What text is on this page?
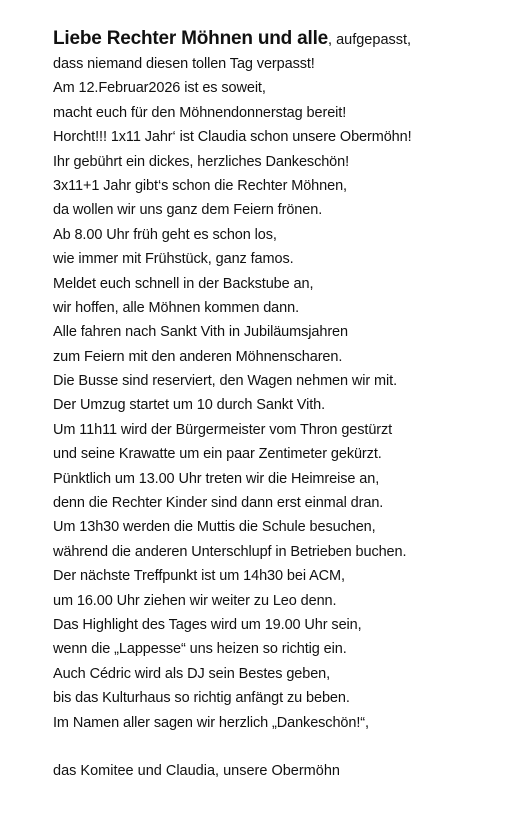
Liebe Rechter Möhnen und alle, aufgepasst,
dass niemand diesen tollen Tag verpasst!
Am 12.Februar2026 ist es soweit,
macht euch für den Möhnendonnerstag bereit!
Horcht!!! 1x11 Jahr‘ ist Claudia schon unsere Obermöhn!
Ihr gebührt ein dickes, herzliches Dankeschön!
3x11+1 Jahr gibt‘s schon die Rechter Möhnen,
da wollen wir uns ganz dem Feiern frönen.
Ab 8.00 Uhr früh geht es schon los,
wie immer mit Frühstück, ganz famos.
Meldet euch schnell in der Backstube an,
wir hoffen, alle Möhnen kommen dann.
Alle fahren nach Sankt Vith in Jubiläumsjahren
zum Feiern mit den anderen Möhnenscharen.
Die Busse sind reserviert, den Wagen nehmen wir mit.
Der Umzug startet um 10 durch Sankt Vith.
Um 11h11 wird der Bürgermeister vom Thron gestürzt
und seine Krawatte um ein paar Zentimeter gekürzt.
Pünktlich um 13.00 Uhr treten wir die Heimreise an,
denn die Rechter Kinder sind dann erst einmal dran.
Um 13h30 werden die Muttis die Schule besuchen,
während die anderen Unterschlupf in Betrieben buchen.
Der nächste Treffpunkt ist um 14h30 bei ACM,
um 16.00 Uhr ziehen wir weiter zu Leo denn.
Das Highlight des Tages wird um 19.00 Uhr sein,
wenn die „Lappesse“ uns heizen so richtig ein.
Auch Cédric wird als DJ sein Bestes geben,
bis das Kulturhaus so richtig anfängt zu beben.
Im Namen aller sagen wir herzlich „Dankeschön!“,
das Komitee und Claudia, unsere Obermöhn
